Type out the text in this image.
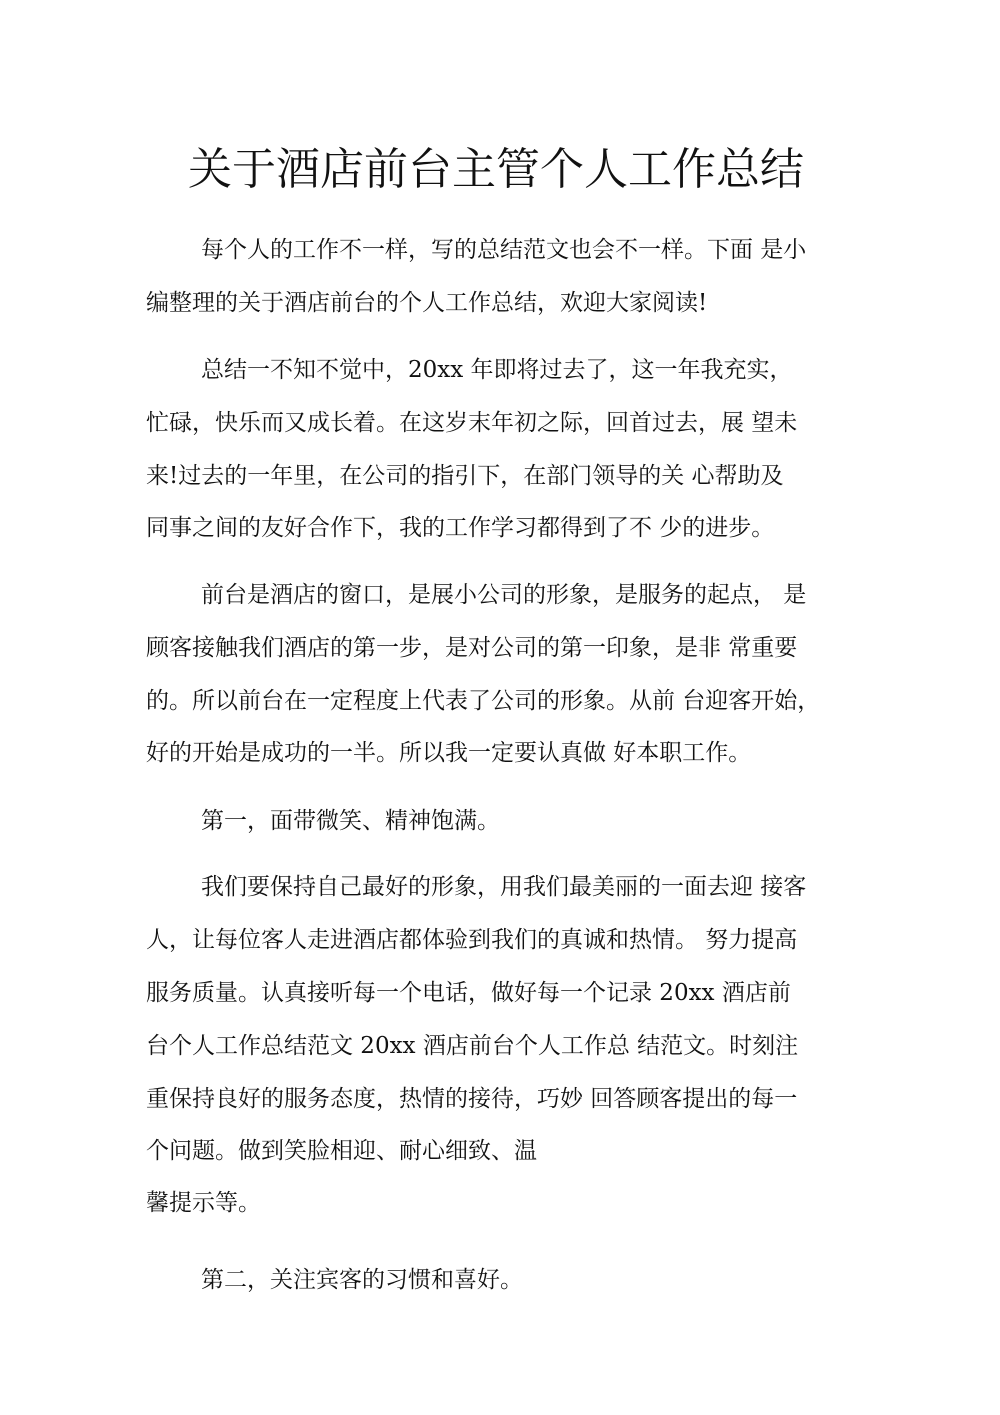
关于酒店前台主管个人工作总结

每个人的工作不一样，写的总结范文也会不一样。下面 是小

编整理的关于酒店前台的个人工作总结，欢迎大家阅读!

总结一不知不觉中，20xx 年即将过去了，这一年我充实，

忙碌，快乐而又成长着。在这岁末年初之际，回首过去，展 望未

来!过去的一年里，在公司的指引下，在部门领导的关 心帮助及

同事之间的友好合作下，我的工作学习都得到了不 少的进步。

前台是酒店的窗口，是展小公司的形象，是服务的起点， 是

顾客接触我们酒店的第一步，是对公司的第一印象，是非 常重要

的。所以前台在一定程度上代表了公司的形象。从前 台迎客开始，

好的开始是成功的一半。所以我一定要认真做 好本职工作。

第一，面带微笑、精神饱满。

我们要保持自己最好的形象，用我们最美丽的一面去迎 接客

人，让每位客人走进酒店都体验到我们的真诚和热情。 努力提高

服务质量。认真接听每一个电话，做好每一个记录 20xx 酒店前

台个人工作总结范文 20xx 酒店前台个人工作总 结范文。时刻注

重保持良好的服务态度，热情的接待，巧妙 回答顾客提出的每一

个问题。做到笑脸相迎、耐心细致、温

馨提示等。

第二，关注宾客的习惯和喜好。
